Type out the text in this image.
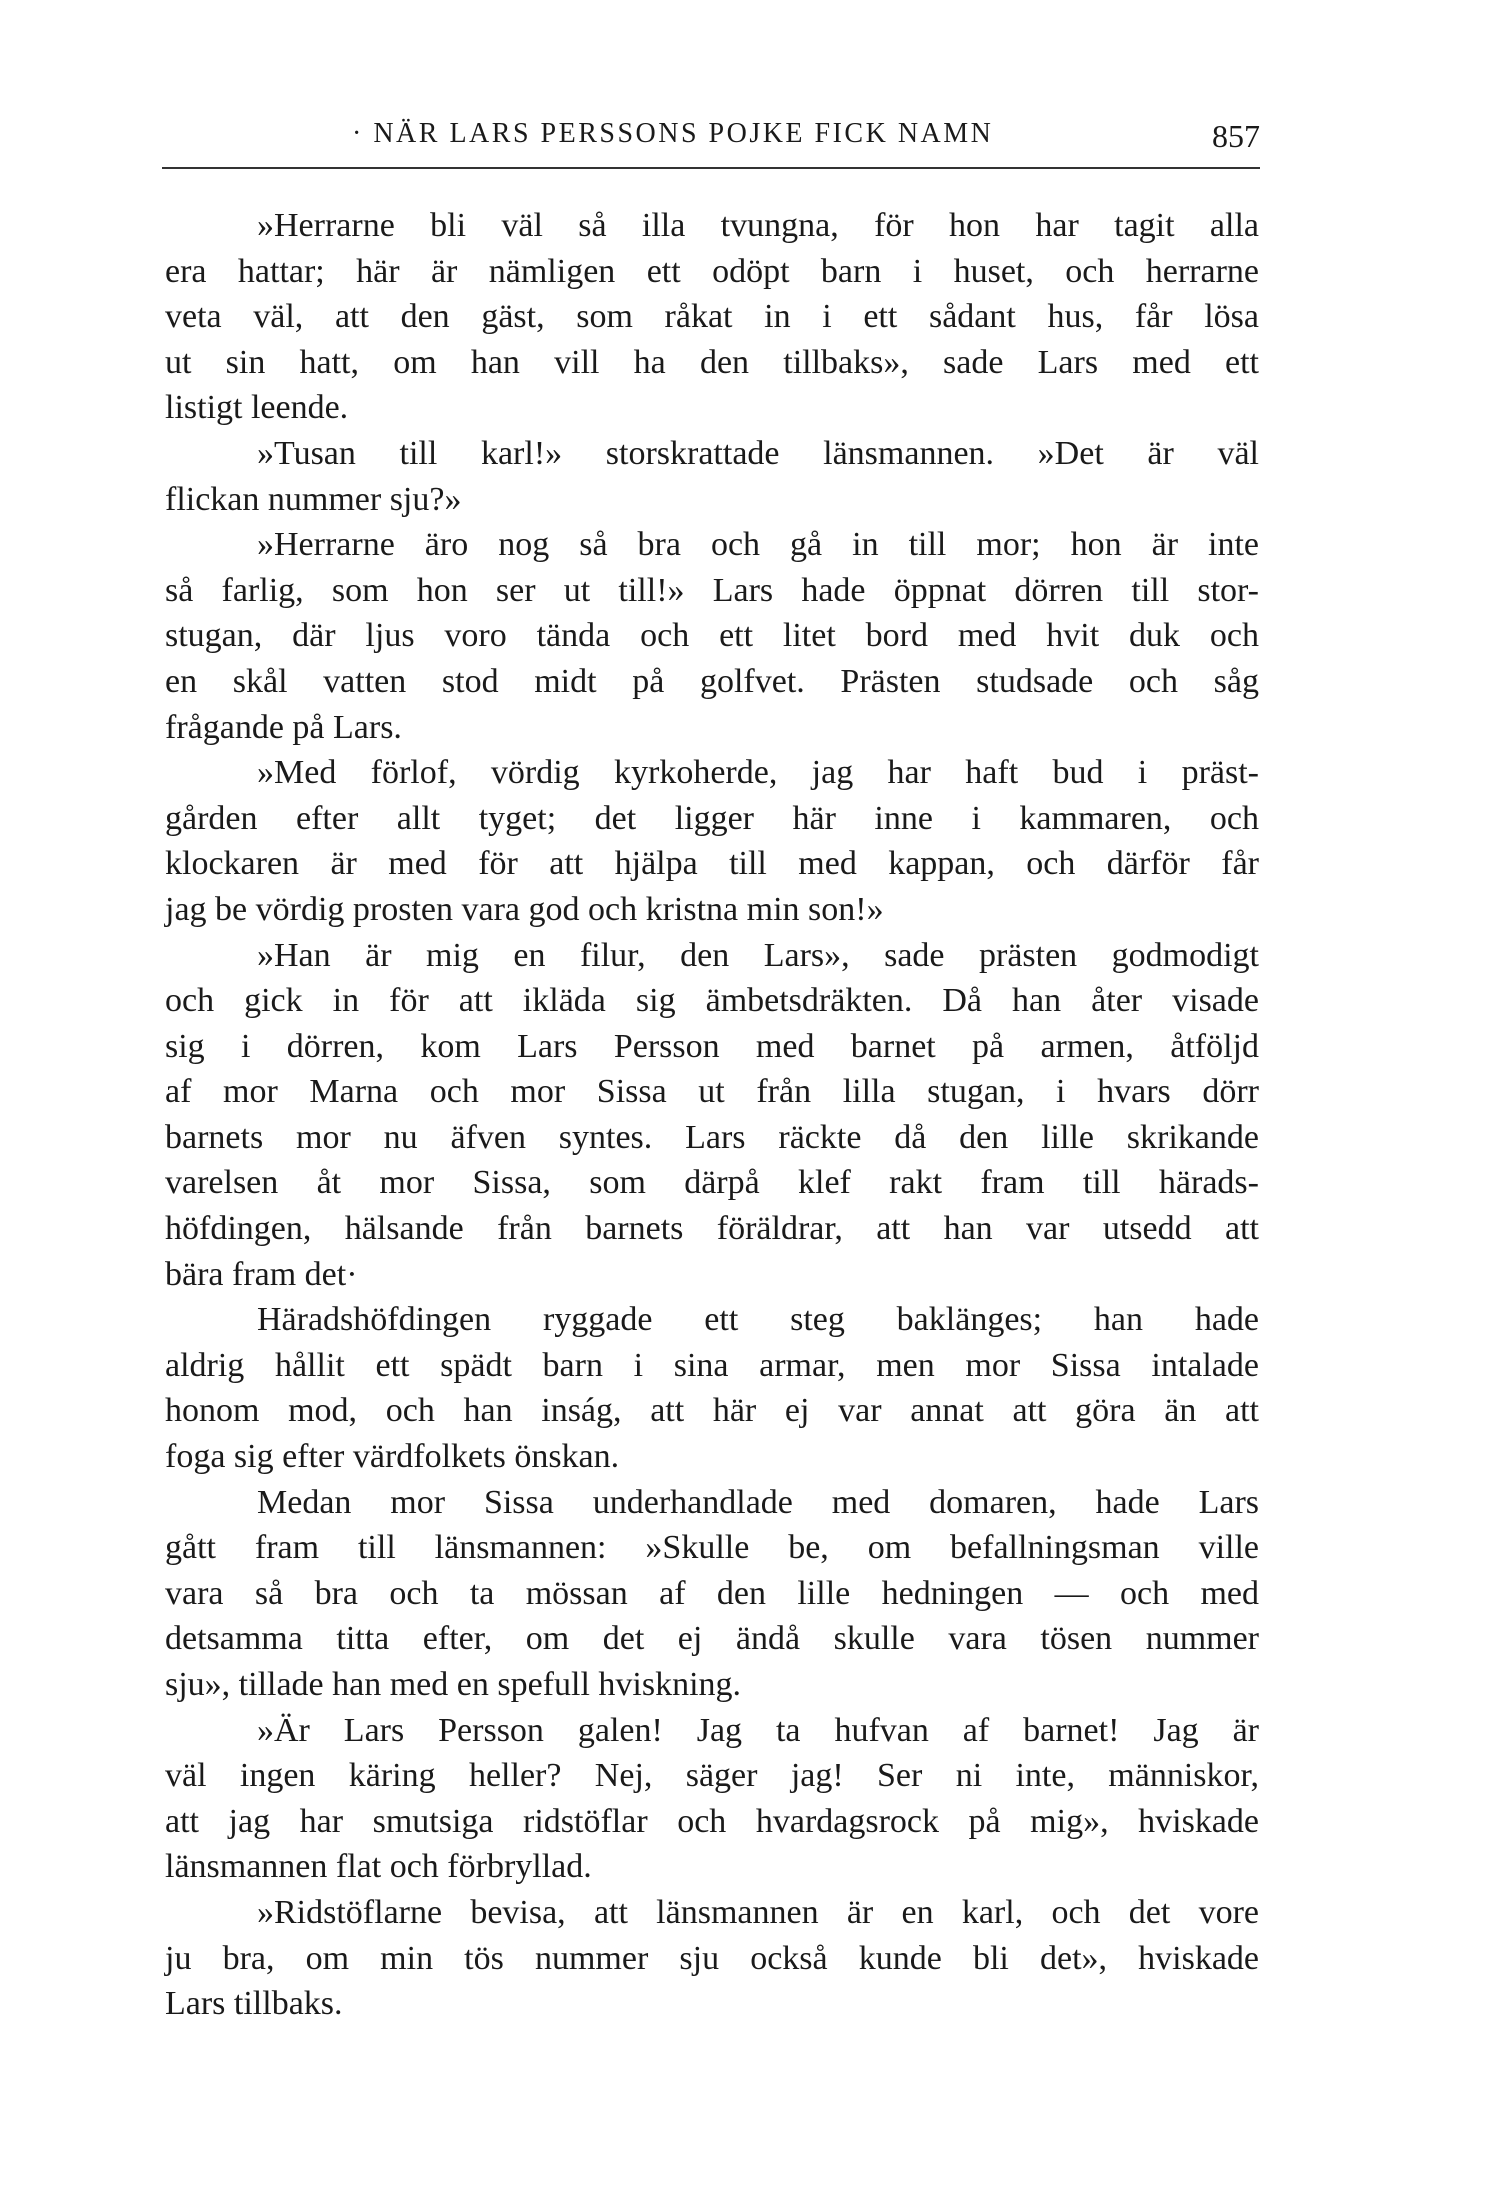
· NÄR LARS PERSSONS POJKE FICK NAMN	857
»Herrarne bli väl så illa tvungna, för hon har tagit alla
era hattar; här är nämligen ett odöpt barn i huset, och herrarne
veta väl, att den gäst, som råkat in i ett sådant hus, får lösa
ut sin hatt, om han vill ha den tillbaks», sade Lars med ett
listigt leende.
»Tusan till karl!» storskrattade länsmannen. »Det är väl
flickan nummer sju?»
»Herrarne äro nog så bra och gå in till mor; hon är inte
så farlig, som hon ser ut till!» Lars hade öppnat dörren till stor-
stugan, där ljus voro tända och ett litet bord med hvit duk och
en skål vatten stod midt på golfvet. Prästen studsade och såg
frågande på Lars.
»Med förlof, vördig kyrkoherde, jag har haft bud i präst-
gården efter allt tyget; det ligger här inne i kammaren, och
klockaren är med för att hjälpa till med kappan, och därför får
jag be vördig prosten vara god och kristna min son!»
»Han är mig en filur, den Lars», sade prästen godmodigt
och gick in för att ikläda sig ämbetsdräkten. Då han åter visade
sig i dörren, kom Lars Persson med barnet på armen, åtföljd
af mor Marna och mor Sissa ut från lilla stugan, i hvars dörr
barnets mor nu äfven syntes. Lars räckte då den lille skrikande
varelsen åt mor Sissa, som därpå klef rakt fram till härads-
höfdingen, hälsande från barnets föräldrar, att han var utsedd att
bära fram det·
Häradshöfdingen ryggade ett steg baklänges; han hade
aldrig hållit ett spädt barn i sina armar, men mor Sissa intalade
honom mod, och han inság, att här ej var annat att göra än att
foga sig efter värdfolkets önskan.
Medan mor Sissa underhandlade med domaren, hade Lars
gått fram till länsmannen: »Skulle be, om befallningsman ville
vara så bra och ta mössan af den lille hedningen — och med
detsamma titta efter, om det ej ändå skulle vara tösen nummer
sju», tillade han med en spefull hviskning.
»Är Lars Persson galen! Jag ta hufvan af barnet! Jag är
väl ingen käring heller? Nej, säger jag! Ser ni inte, människor,
att jag har smutsiga ridstöflar och hvardagsrock på mig», hviskade
länsmannen flat och förbryllad.
»Ridstöflarne bevisa, att länsmannen är en karl, och det vore
ju bra, om min tös nummer sju också kunde bli det», hviskade
Lars tillbaks.
